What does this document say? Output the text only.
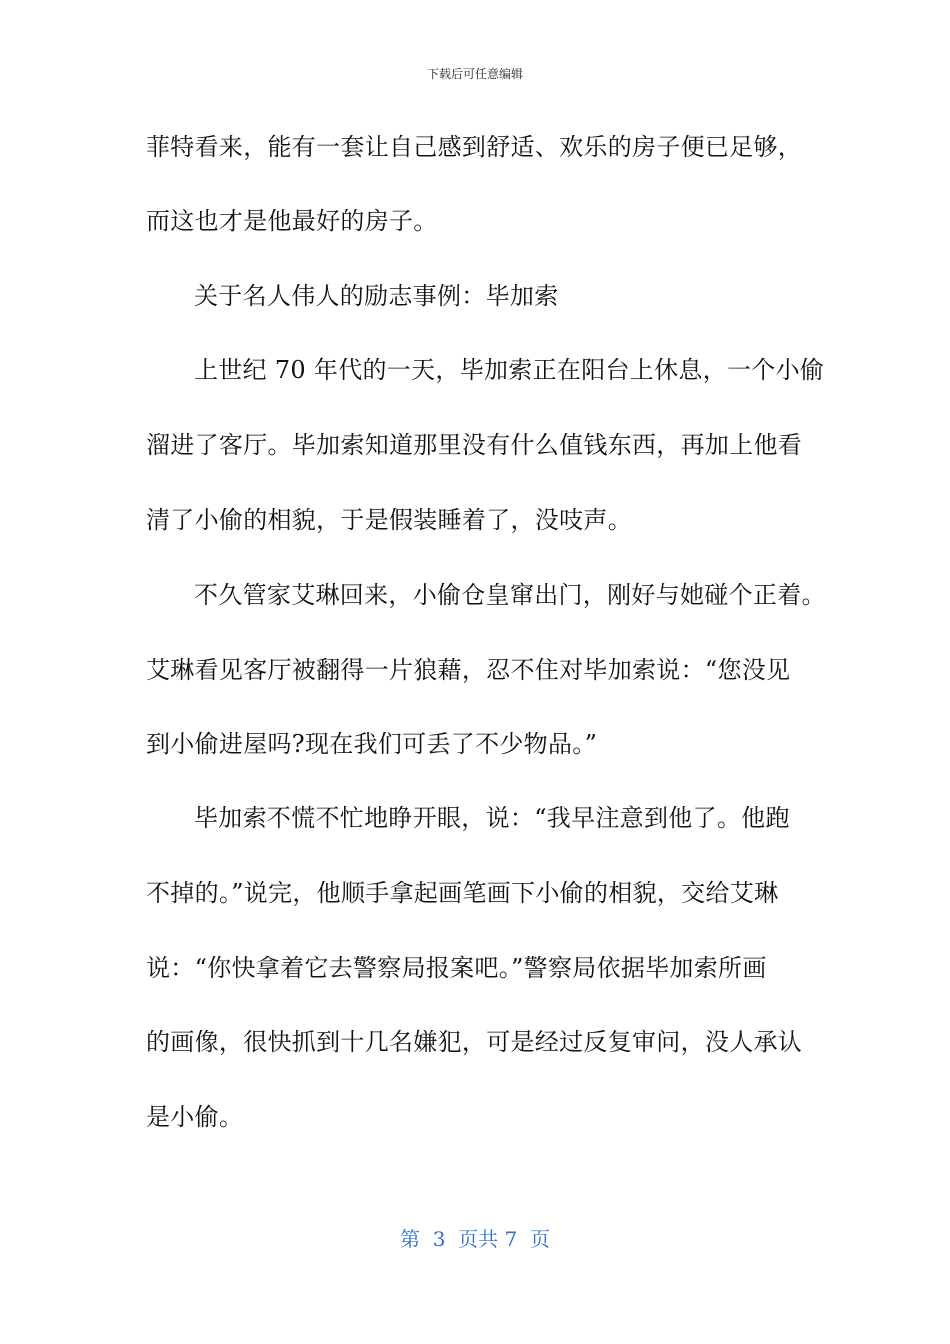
下载后可任意编辑
菲特看来，能有一套让自己感到舒适、欢乐的房子便已足够，
而这也才是他最好的房子。
关于名人伟人的励志事例：毕加索
上世纪 70 年代的一天，毕加索正在阳台上休息，一个小偷
溜进了客厅。毕加索知道那里没有什么值钱东西，再加上他看
清了小偷的相貌，于是假装睡着了，没吱声。
不久管家艾琳回来，小偷仓皇窜出门，刚好与她碰个正着。
艾琳看见客厅被翻得一片狼藉，忍不住对毕加索说：“您没见
到小偷进屋吗?现在我们可丢了不少物品。”
毕加索不慌不忙地睁开眼，说：“我早注意到他了。他跑
不掉的。”说完，他顺手拿起画笔画下小偷的相貌，交给艾琳
说：“你快拿着它去警察局报案吧。”警察局依据毕加索所画
的画像，很快抓到十几名嫌犯，可是经过反复审问，没人承认
是小偷。
第  3  页共 7  页
